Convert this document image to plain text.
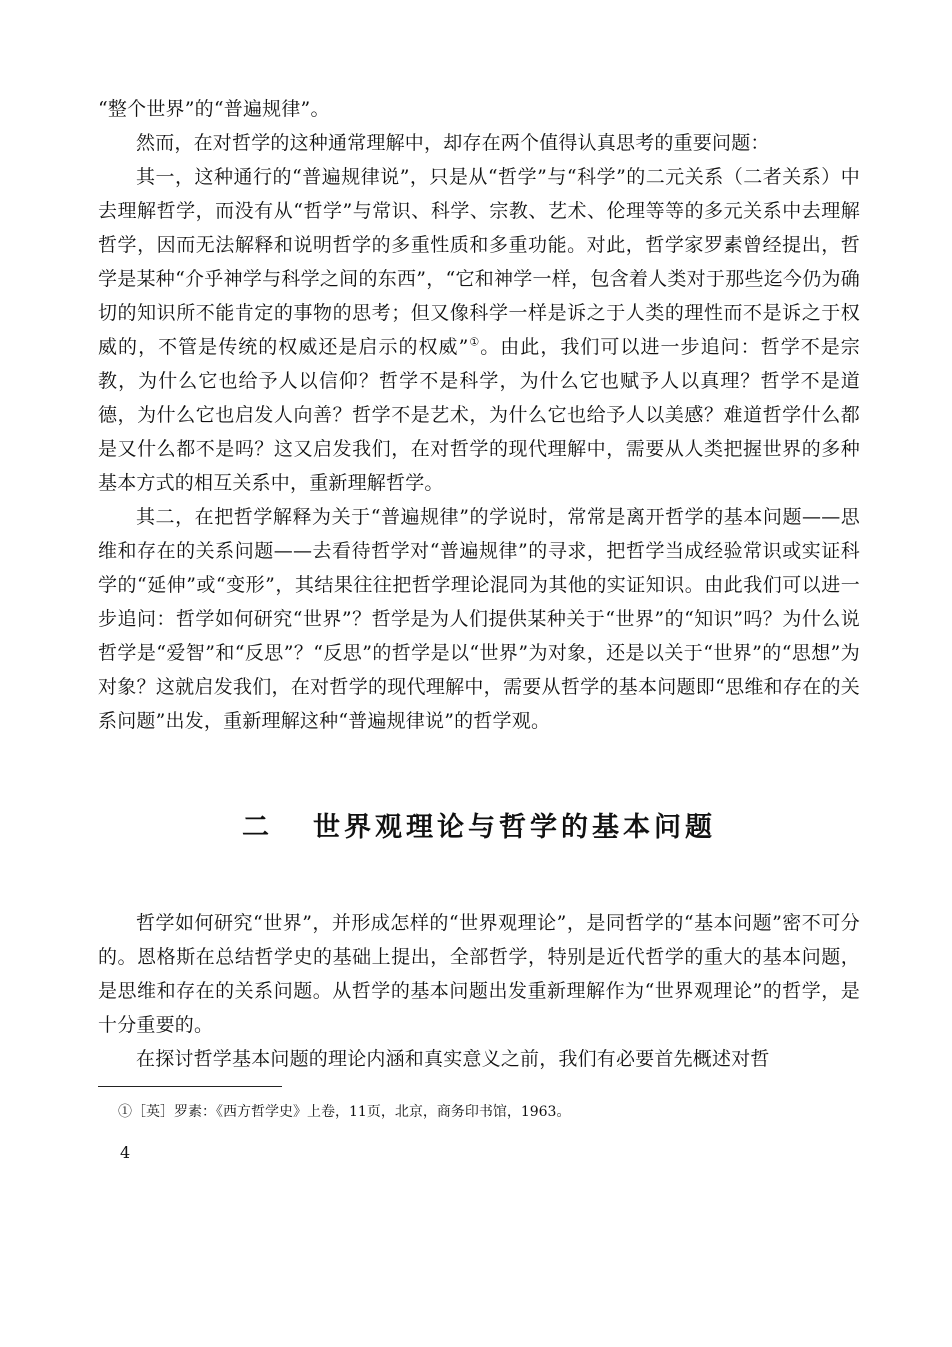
“整个世界”的“普遍规律”。

然而，在对哲学的这种通常理解中，却存在两个值得认真思考的重要问题：

其一，这种通行的“普遍规律说”，只是从“哲学”与“科学”的二元关系（二者关系）中去理解哲学，而没有从“哲学”与常识、科学、宗教、艺术、伦理等等的多元关系中去理解哲学，因而无法解释和说明哲学的多重性质和多重功能。对此，哲学家罗素曾经提出，哲学是某种“介乎神学与科学之间的东西”，“它和神学一样，包含着人类对于那些迄今仍为确切的知识所不能肯定的事物的思考；但又像科学一样是诉之于人类的理性而不是诉之于权威的，不管是传统的权威还是启示的权威”①。由此，我们可以进一步追问：哲学不是宗教，为什么它也给予人以信仰？哲学不是科学，为什么它也赋予人以真理？哲学不是道德，为什么它也启发人向善？哲学不是艺术，为什么它也给予人以美感？难道哲学什么都是又什么都不是吗？这又启发我们，在对哲学的现代理解中，需要从人类把握世界的多种基本方式的相互关系中，重新理解哲学。

其二，在把哲学解释为关于“普遍规律”的学说时，常常是离开哲学的基本问题——思维和存在的关系问题——去看待哲学对“普遍规律”的寻求，把哲学当成经验常识或实证科学的“延伸”或“变形”，其结果往往把哲学理论混同为其他的实证知识。由此我们可以进一步追问：哲学如何研究“世界”？哲学是为人们提供某种关于“世界”的“知识”吗？为什么说哲学是“爱智”和“反思”？“反思”的哲学是以“世界”为对象，还是以关于“世界”的“思想”为对象？这就启发我们，在对哲学的现代理解中，需要从哲学的基本问题即“思维和存在的关系问题”出发，重新理解这种“普遍规律说”的哲学观。

二 世界观理论与哲学的基本问题

哲学如何研究“世界”，并形成怎样的“世界观理论”，是同哲学的“基本问题”密不可分的。恩格斯在总结哲学史的基础上提出，全部哲学，特别是近代哲学的重大的基本问题，是思维和存在的关系问题。从哲学的基本问题出发重新理解作为“世界观理论”的哲学，是十分重要的。

在探讨哲学基本问题的理论内涵和真实意义之前，我们有必要首先概述对哲

①［英］罗素：《西方哲学史》上卷，11页，北京，商务印书馆，1963。
4
